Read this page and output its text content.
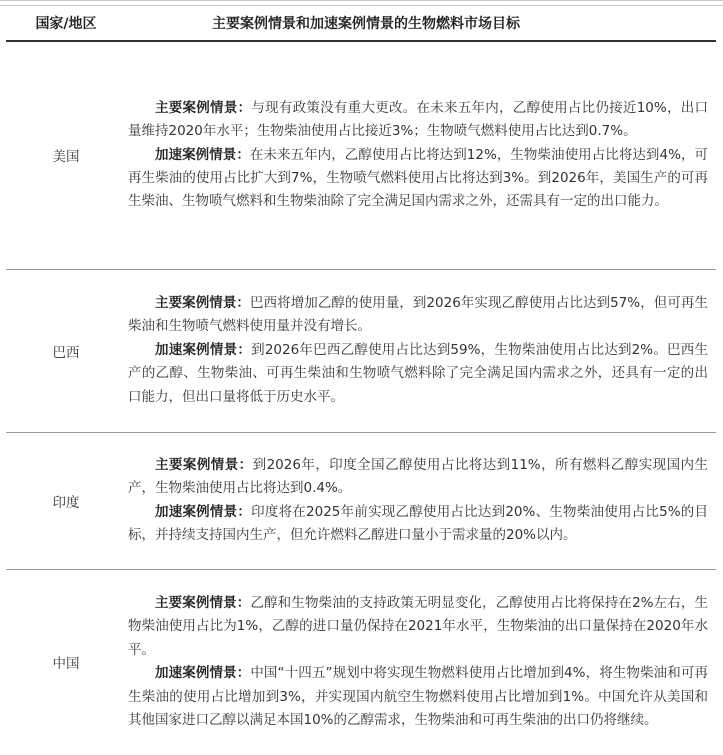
国家/地区	主要案例情景和加速案例情景的生物燃料市场目标
美国	主要案例情景：与现有政策没有重大更改。在未来五年内，乙醇使用占比仍接近10%，出口量维持2020年水平；生物柴油使用占比接近3%；生物喷气燃料使用占比达到0.7%。

加速案例情景：在未来五年内，乙醇使用占比将达到12%，生物柴油使用占比将达到4%，可再生柴油的使用占比扩大到7%，生物喷气燃料使用占比将达到3%。到2026年，美国生产的可再生柴油、生物喷气燃料和生物柴油除了完全满足国内需求之外，还需具有一定的出口能力。

巴西	主要案例情景：巴西将增加乙醇的使用量，到2026年实现乙醇使用占比达到57%，但可再生柴油和生物喷气燃料使用量并没有增长。

加速案例情景：到2026年巴西乙醇使用占比达到59%，生物柴油使用占比达到2%。巴西生产的乙醇、生物柴油、可再生柴油和生物喷气燃料除了完全满足国内需求之外，还具有一定的出口能力，但出口量将低于历史水平。

印度	主要案例情景：到2026年，印度全国乙醇使用占比将达到11%，所有燃料乙醇实现国内生产，生物柴油使用占比将达到0.4%。

加速案例情景：印度将在2025年前实现乙醇使用占比达到20%、生物柴油使用占比5%的目标，并持续支持国内生产，但允许燃料乙醇进口量小于需求量的20%以内。

中国	主要案例情景：乙醇和生物柴油的支持政策无明显变化，乙醇使用占比将保持在2%左右，生物柴油使用占比为1%，乙醇的进口量仍保持在2021年水平，生物柴油的出口量保持在2020年水平。

加速案例情景：中国“十四五”规划中将实现生物燃料使用占比增加到4%，将生物柴油和可再生柴油的使用占比增加到3%，并实现国内航空生物燃料使用占比增加到1%。中国允许从美国和其他国家进口乙醇以满足本国10%的乙醇需求，生物柴油和可再生柴油的出口仍将继续。
